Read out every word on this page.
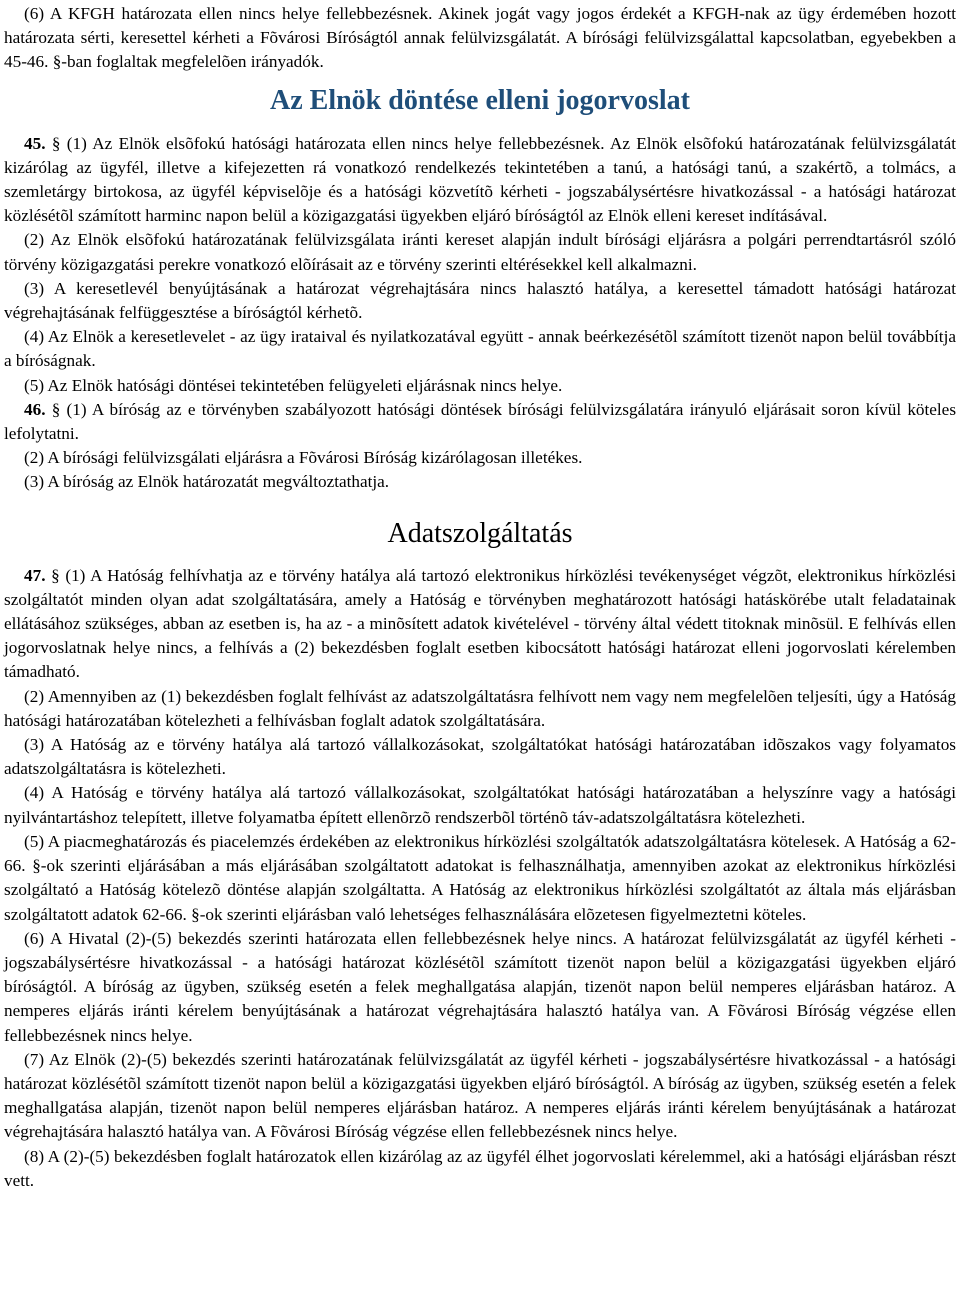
(6) A KFGH határozata ellen nincs helye fellebbezésnek. Akinek jogát vagy jogos érdekét a KFGH-nak az ügy érdemében hozott határozata sérti, keresettel kérheti a Fõvárosi Bíróságtól annak felülvizsgálatát. A bírósági felülvizsgálattal kapcsolatban, egyebekben a 45-46. §-ban foglaltak megfelelõen irányadók.

Az Elnök döntése elleni jogorvoslat

45. § (1) Az Elnök elsõfokú hatósági határozata ellen nincs helye fellebbezésnek. Az Elnök elsõfokú határozatának felülvizsgálatát kizárólag az ügyfél, illetve a kifejezetten rá vonatkozó rendelkezés tekintetében a tanú, a hatósági tanú, a szakértõ, a tolmács, a szemletárgy birtokosa, az ügyfél képviselõje és a hatósági közvetítõ kérheti - jogszabálysértésre hivatkozással - a hatósági határozat közlésétõl számított harminc napon belül a közigazgatási ügyekben eljáró bíróságtól az Elnök elleni kereset indításával.

(2) Az Elnök elsõfokú határozatának felülvizsgálata iránti kereset alapján indult bírósági eljárásra a polgári perrendtartásról szóló törvény közigazgatási perekre vonatkozó elõírásait az e törvény szerinti eltérésekkel kell alkalmazni.

(3) A keresetlevél benyújtásának a határozat végrehajtására nincs halasztó hatálya, a keresettel támadott hatósági határozat végrehajtásának felfüggesztése a bíróságtól kérhetõ.

(4) Az Elnök a keresetlevelet - az ügy irataival és nyilatkozatával együtt - annak beérkezésétõl számított tizenöt napon belül továbbítja a bíróságnak.

(5) Az Elnök hatósági döntései tekintetében felügyeleti eljárásnak nincs helye.

46. § (1) A bíróság az e törvényben szabályozott hatósági döntések bírósági felülvizsgálatára irányuló eljárásait soron kívül köteles lefolytatni.

(2) A bírósági felülvizsgálati eljárásra a Fõvárosi Bíróság kizárólagosan illetékes.

(3) A bíróság az Elnök határozatát megváltoztathatja.

Adatszolgáltatás

47. § (1) A Hatóság felhívhatja az e törvény hatálya alá tartozó elektronikus hírközlési tevékenységet végzõt, elektronikus hírközlési szolgáltatót minden olyan adat szolgáltatására, amely a Hatóság e törvényben meghatározott hatósági hatáskörébe utalt feladatainak ellátásához szükséges, abban az esetben is, ha az - a minõsített adatok kivételével - törvény által védett titoknak minõsül. E felhívás ellen jogorvoslatnak helye nincs, a felhívás a (2) bekezdésben foglalt esetben kibocsátott hatósági határozat elleni jogorvoslati kérelemben támadható.

(2) Amennyiben az (1) bekezdésben foglalt felhívást az adatszolgáltatásra felhívott nem vagy nem megfelelõen teljesíti, úgy a Hatóság hatósági határozatában kötelezheti a felhívásban foglalt adatok szolgáltatására.

(3) A Hatóság az e törvény hatálya alá tartozó vállalkozásokat, szolgáltatókat hatósági határozatában idõszakos vagy folyamatos adatszolgáltatásra is kötelezheti.

(4) A Hatóság e törvény hatálya alá tartozó vállalkozásokat, szolgáltatókat hatósági határozatában a helyszínre vagy a hatósági nyilvántartáshoz telepített, illetve folyamatba épített ellenõrzõ rendszerbõl történõ táv-adatszolgáltatásra kötelezheti.

(5) A piacmeghatározás és piacelemzés érdekében az elektronikus hírközlési szolgáltatók adatszolgáltatásra kötelesek. A Hatóság a 62-66. §-ok szerinti eljárásában a más eljárásában szolgáltatott adatokat is felhasználhatja, amennyiben azokat az elektronikus hírközlési szolgáltató a Hatóság kötelezõ döntése alapján szolgáltatta. A Hatóság az elektronikus hírközlési szolgáltatót az általa más eljárásban szolgáltatott adatok 62-66. §-ok szerinti eljárásban való lehetséges felhasználására elõzetesen figyelmeztetni köteles.

(6) A Hivatal (2)-(5) bekezdés szerinti határozata ellen fellebbezésnek helye nincs. A határozat felülvizsgálatát az ügyfél kérheti - jogszabálysértésre hivatkozással - a hatósági határozat közlésétõl számított tizenöt napon belül a közigazgatási ügyekben eljáró bíróságtól. A bíróság az ügyben, szükség esetén a felek meghallgatása alapján, tizenöt napon belül nemperes eljárásban határoz. A nemperes eljárás iránti kérelem benyújtásának a határozat végrehajtására halasztó hatálya van. A Fõvárosi Bíróság végzése ellen fellebbezésnek nincs helye.

(7) Az Elnök (2)-(5) bekezdés szerinti határozatának felülvizsgálatát az ügyfél kérheti - jogszabálysértésre hivatkozással - a hatósági határozat közlésétõl számított tizenöt napon belül a közigazgatási ügyekben eljáró bíróságtól. A bíróság az ügyben, szükség esetén a felek meghallgatása alapján, tizenöt napon belül nemperes eljárásban határoz. A nemperes eljárás iránti kérelem benyújtásának a határozat végrehajtására halasztó hatálya van. A Fõvárosi Bíróság végzése ellen fellebbezésnek nincs helye.

(8) A (2)-(5) bekezdésben foglalt határozatok ellen kizárólag az az ügyfél élhet jogorvoslati kérelemmel, aki a hatósági eljárásban részt vett.
